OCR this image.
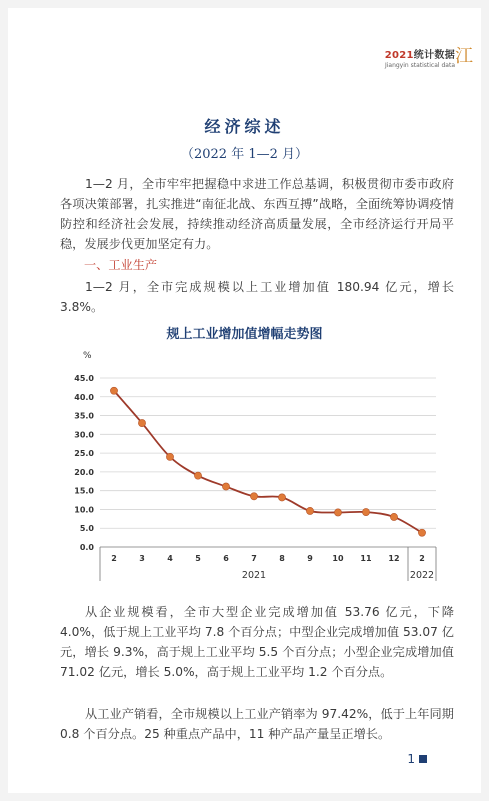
2021统计数据
Jiangyin statistical data 江
经济综述
（2022 年 1—2 月）
1—2 月，全市牢牢把握稳中求进工作总基调，积极贯彻市委市政府各项决策部署，扎实推进“南征北战、东西互搏”战略，全面统筹协调疫情防控和经济社会发展，持续推动经济高质量发展，全市经济运行开局平稳，发展步伐更加坚定有力。
一、工业生产
1—2 月，全市完成规模以上工业增加值 180.94 亿元，增长 3.8%。
规上工业增加值增幅走势图
%
0.0
5.0
10.0
15.0
20.0
25.0
30.0
35.0
40.0
45.0
2	3	4	5	6	7	8	9 10 11 12 2
2021	2022
从企业规模看，全市大型企业完成增加值 53.76 亿元，下降 4.0%，低于规上工业平均 7.8 个百分点；中型企业完成增加值 53.07 亿元，增长 9.3%，高于规上工业平均 5.5 个百分点；小型企业完成增加值 71.02 亿元，增长 5.0%，高于规上工业平均 1.2 个百分点。
从工业产销看，全市规模以上工业产销率为 97.42%，低于上年同期 0.8 个百分点。25 种重点产品中，11 种产品产量呈正增长。
1
